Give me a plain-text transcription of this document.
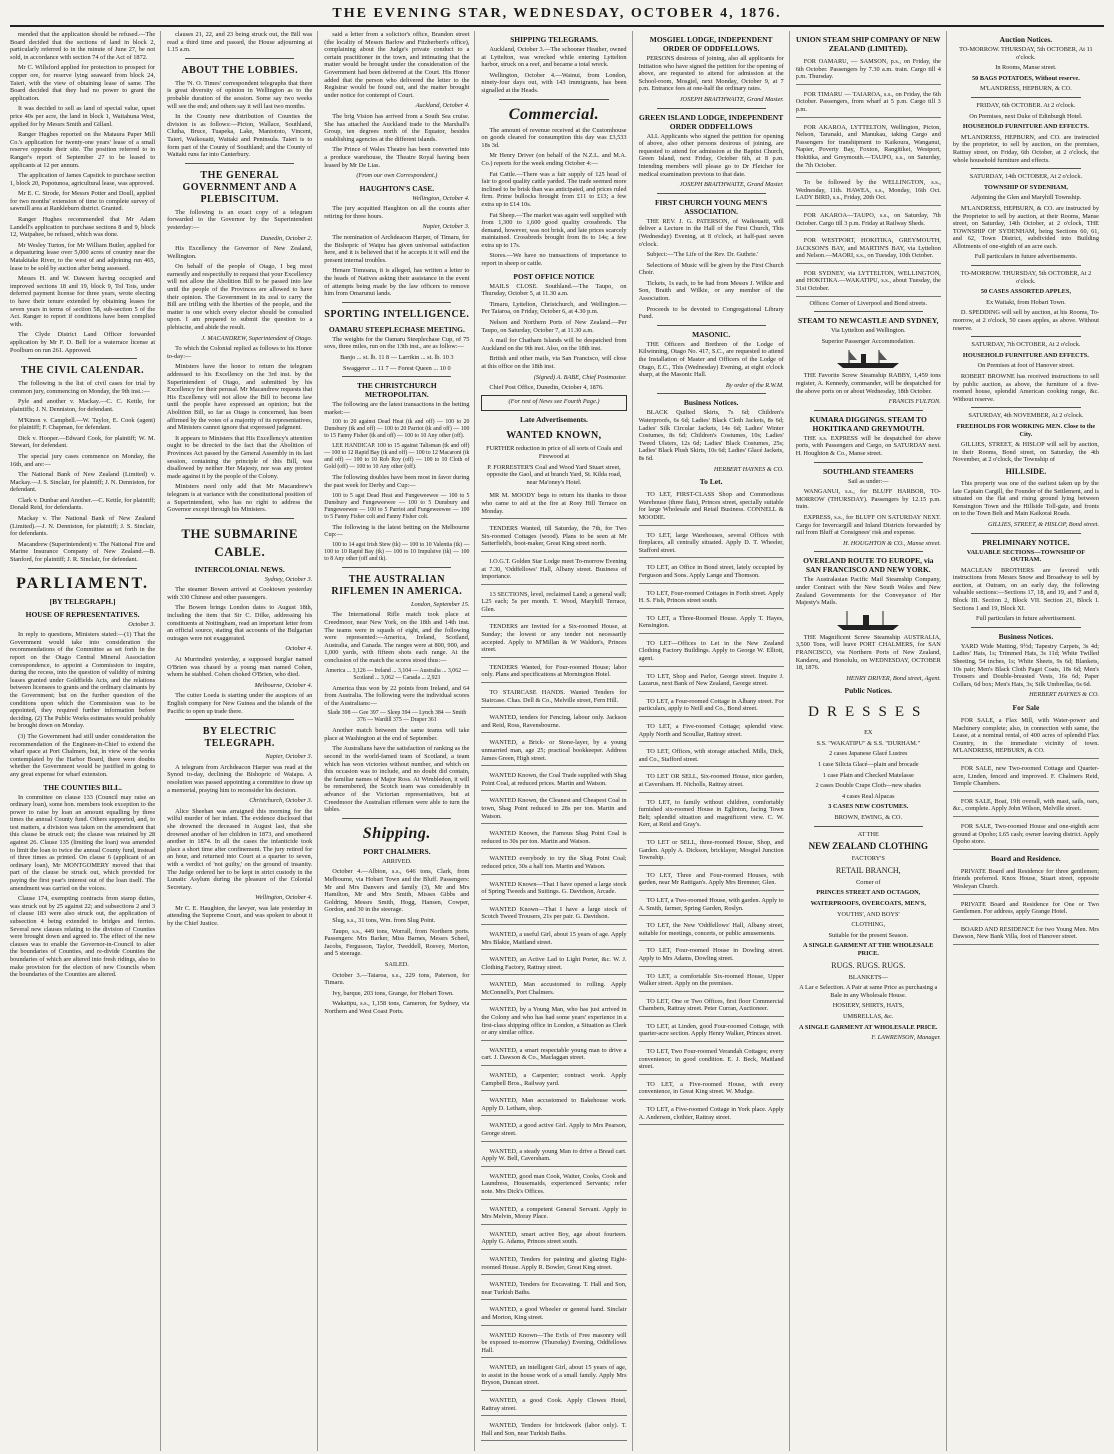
THE EVENING STAR, WEDNESDAY, OCTOBER 4, 1876.

mended that the application should be refused.—The Board decided that the sections of land in block 2, particularly referred to in the minute of June 27, be not sold, in accordance with section 74 of the Act of 1872.

Mr C. Willsford applied for protection to prospect for copper ore, for reserve lying seaward from block 24, Taieri, with the view of obtaining lease of same. The Board decided that they had no power to grant the application.

It was decided to sell as land of special value, upset price 40s per acre, the land in block 1, Waitahuna West, applied for by Messrs Smith and Gillanl.

Ranger Hughes reported on the Mataura Paper Mill Co.'s application for twenty-one years' lease of a small reserve opposite their site. The position referred to in Ranger's report of September 27 to be leased to applicants at 12 per annum.

The application of James Capstick to purchase section 1, block 20, Popotunoa, agricultural lease, was approved.

Mr E. C. Strode, for Messrs Potter and Doull, applied for two months' extension of time to complete survey of sawmill area at Rankleburn district. Granted.

Ranger Hughes recommended that Mr Adam Landell's application to purchase sections 8 and 9, block 12, Waipahee, be refused, which was done.

Mr Wesley Turton, for Mr William Butler, applied for a depasturing lease over 5,000 acres of country near the Matakitake River, to the west of and adjoining run 465, lease to be sold by auction after being assessed.

Messrs H. and W. Dawson having occupied and improved sections 18 and 19, block 9, Tol Tois, under deferred payment license for three years, wrote electing to have their tenure extended by obtaining leases for seven years in terms of section 58, sub-section 5 of the Act. Ranger to report if conditions have been complied with.

The Clyde District Land Officer forwarded application by Mr F. D. Bell for a waterrace license at Poolburn on run 261. Approved.

THE CIVIL CALENDAR.

The following is the list of civil cases for trial by common jury, commencing on Monday, the 9th inst.:—

Pyle and another v. Mackay.—C. C. Kettle, for plaintiffs; J. N. Denniston, for defendant.

M'Kinon v. Campbell.—W. Taylor, E. Cook (agent) for plaintiff; F. Chapman, for defendant.

Dick v. Hooper.—Edward Cook, for plaintiff; W. M. Stewart, for defendant.

The special jury cases commence on Monday, the 16th, and are:—

The National Bank of New Zealand (Limited) v. Mackay.—J. S. Sinclair, for plaintiff; J. N. Denniston, for defendant.

Clark v. Dunbar and Another.—C. Kettle, for plaintiff; Donald Reid, for defendants.

Mackay v. The National Bank of New Zealand (Limited).—J. N. Denniston, for plaintiff; J. S. Sinclair, for defendants.

Macandrew (Superintendent) v. The National Fire and Marine Insurance Company of New Zealand.—B. Stanford, for plaintiff; J. R. Sinclair, for defendant.

PARLIAMENT.
[BY TELEGRAPH.]
HOUSE OF REPRESENTATIVES.

October 3.

In reply to questions, Ministers stated:—(1) That the Government would take into consideration the recommendations of the Committee as set forth in the report on the Otago Central Mineral Association correspondence, to appoint a Commission to inquire, during the recess, into the question of validity of mining leases granted under Goldfields Acts, and the relations between licensees to grants and the ordinary claimants by the Government; but on the further question of the conditions upon which the Commission was to be appointed, they required further information before deciding. (2) The Public Works estimates would probably be brought down on Monday.

(3) The Government had still under consideration the recommendation of the Engineer-in-Chief to extend the wharf space at Port Chalmers, but, in view of the works contemplated by the Harbor Board, there were doubts whether the Government would be justified in going to any great expense for wharf extension.

THE COUNTIES BILL.

In committee on clause 133 (Council may raise an ordinary loan), some hon. members took exception to the power to raise by loan an amount equalling by three times the annual County fund. Others supported, and, to test matters, a division was taken on the amendment that this clause be struck out; the clause was retained by 28 against 26. Clause 135 (limiting the loan) was amended to limit the loan to twice the annual County fund, instead of three times as printed. On clause 6 (applicant of an ordinary loan), Mr MONTGOMERY moved that that part of the clause be struck out, which provided for paying the first year's interest out of the loan itself. The amendment was carried on the voices.

Clause 174, exempting contracts from stamp duties, was struck out by 25 against 22; and subsections 2 and 3 of clause 183 were also struck out, the application of subsection 4 being extended to bridges and ferries. Several new clauses relating to the division of Counties were brought down and agreed to. The effect of the new clauses was to enable the Governor-in-Council to alter the boundaries of Counties, and re-divide Counties the boundaries of which are altered into fresh ridings, also to make provision for the election of new Councils when the boundaries of the Counties are altered.

clauses 21, 22, and 23 being struck out, the Bill was read a third time and passed, the House adjourning at 1.15 a.m.

ABOUT THE LOBBIES.

The 'N. O. Times' correspondent telegraphs that there is great diversity of opinion in Wellington as to the probable duration of the session. Some say two weeks will see the end; and others say it will last two months.

In the County new distribution of Counties the division is as follows:—Picton, Wallace, Southland, Clutha, Bruce, Tuapeka, Lake, Maniototo, Vincent, Taieri, Waikouaiti, Waitaki and Peninsula. Taieri is to form part of the County of Southland; and the County of Waitaki runs far into Canterbury.

THE GENERAL GOVERNMENT AND A PLEBISCITUM.

The following is an exact copy of a telegram forwarded to the Governor by the Superintendent yesterday:—

Dunedin, October 2.

His Excellency the Governor of New Zealand, Wellington.

On behalf of the people of Otago, I beg most earnestly and respectfully to request that your Excellency will not allow the Abolition Bill to be passed into law until the people of the Provinces are allowed to have their opinion. The Government in its zeal to carry the Bill are trifling with the liberties of the people, and the matter is one which every elector should be consulted upon. I am prepared to submit the question to a plebiscite, and abide the result.

J. MACANDREW, Superintendent of Otago.

To which the Colonial replied as follows to his Honor to-day:—

Ministers have the honor to return the telegram addressed to his Excellency on the 3rd inst. by the Superintendent of Otago, and submitted by his Excellency for their perusal. Mr Macandrew requests that His Excellency will not allow the Bill to become law until the people have expressed an opinion; but the Abolition Bill, so far as Otago is concerned, has been affirmed by the votes of a majority of its representatives, and Ministers cannot ignore that expressed judgment.

It appears to Ministers that His Excellency's attention ought to be directed to the fact that the Abolition of Provinces Act passed by the General Assembly in its last session, containing the principle of this Bill, was disallowed by neither Her Majesty, nor was any protest made against it by the people of the Colony.

Ministers need only add that Mr Macandrew's telegram is at variance with the constitutional position of a Superintendent, who has no right to address the Governor except through his Ministers.

THE SUBMARINE CABLE.
INTERCOLONIAL NEWS.

Sydney, October 3.

The steamer Bowen arrived at Cooktown yesterday with 330 Chinese and other passengers.

The Bowen brings London dates to August 18th, including the item that Sir C. Dilke, addressing his constituents at Nottingham, read an important letter from an official source, stating that accounts of the Bulgarian outrages were not exaggerated.

October 4.

At Murrindini yesterday, a supposed burglar named O'Brien was chased by a young man named Cohen, whom he stabbed. Cohen choked O'Brien, who died.

Melbourne, October 4.

The cutter Loeda is starting under the auspices of an English company for New Guinea and the islands of the Pacific to open up trade there.

BY ELECTRIC TELEGRAPH.

Napier, October 3.

A telegram from Archdeacon Harper was read at the Synod to-day, declining the Bishopric of Waiapu. A resolution was passed appointing a committee to draw up a memorial, praying him to reconsider his decision.

Christchurch, October 3.

Alice Sheehan was arraigned this morning for the wilful murder of her infant. The evidence disclosed that she drowned the deceased in August last, that she drowned another of her children in 1873, and smothered another in 1874. In all the cases the infanticide took place a short time after confinement. The jury retired for an hour, and returned into Court at a quarter to seven, with a verdict of 'not guilty,' on the ground of insanity. The Judge ordered her to be kept in strict custody in the Lunatic Asylum during the pleasure of the Colonial Secretary.

Wellington, October 4.

Mr C. E. Haughton, the lawyer, was late yesterday in attending the Supreme Court, and was spoken to about it by the Chief Justice.

said a letter from a solicitor's office, Brandon street (the locality of Messrs Barlow and Fitzherbert's office), complaining about the Judge's private conduct to a certain practitioner in the town, and intimating that the matter would be brought under the consideration of the Government had been delivered at the Court. His Honor added that the person who delivered the letter to the Registrar would be found out, and the matter brought under notice for contempt of Court.

Auckland, October 4.

The brig Vision has arrived from a South Sea cruise. She has attached the Auckland trade to the Marshall's Group, ten degrees north of the Equator, besides establishing agencies at the different islands.

The Prince of Wales Theatre has been converted into a produce warehouse, the Theatre Royal having been leased by Mr De Lias.

(From our own Correspondent.)

HAUGHTON'S CASE.

Wellington, October 4.

The jury acquitted Haughton on all the counts after retiring for three hours.

Napier, October 3.

The nomination of Archdeacon Harper, of Timaru, for the Bishopric of Waipu has given universal satisfaction here, and it is believed that if he accepts it it will end the present internal troubles.

Henare Tomoana, it is alleged, has written a letter to the heads of Natives asking their assistance in the event of attempts being made by the law officers to remove him from Omarunui lands.

SPORTING INTELLIGENCE.
OAMARU STEEPLECHASE MEETING.

The weights for the Oamaru Steeplechase Cup, of 75 sovs, three miles, run on the 13th inst., are as follow:—

Banjo ... st. lb. 11 8 — Larrikin ... st. lb. 10 3

Swaggerer ... 11 7 — Forest Queen ... 10 0

THE CHRISTCHURCH METROPOLITAN.

The following are the latest transactions in the betting market:—

100 to 20 against Dead Heat (tk and off) — 100 to 20 Dunsbury (tk and off) — 100 to 20 Parriot (tk and off) — 100 to 15 Fanny Fisher (tk and off) — 100 to 10 Any other (off).

LEE HANDICAP. 100 to 15 against Talisman (tk and off) — 100 to 12 Rapid Bay (tk and off) — 100 to 12 Macaroni (tk and off) — 100 to 10 Rob Roy (off) — 100 to 10 Cloth of Gold (off) — 100 to 10 Any other (off).

The following doubles have been most in favor during the past week for Derby and Cup:—

100 to 5 agst Dead Heat and Fungeweewee — 100 to 5 Dunsbury and Fungeweewee — 100 to 5 Dunsbury and Fungeweewee — 100 to 5 Parriot and Fungeweewee — 100 to 5 Fanny Fisher colt and Fanny Fisher colt.

The following is the latest betting on the Melbourne Cup:—

100 to 14 agst Irish Stew (tk) — 100 to 10 Valentia (tk) — 100 to 10 Rapid Bay (tk) — 100 to 10 Impulsive (tk) — 100 to 8 Any other (off and tk).

THE AUSTRALIAN RIFLEMEN IN AMERICA.

London, September 15.

The International Rifle match took place at Creedmoor, near New York, on the 18th and 14th inst. The teams were in squads of eight, and the following were represented:—America, Ireland, Scotland, Australia, and Canada. The ranges were at 800, 900, and 1,000 yards, with fifteen shots each range. At the conclusion of the match the scores stood thus:—

America ... 3,126 — Ireland ... 3,104 — Australia ... 3,062 — Scotland ... 3,062 — Canada ... 2,923

America thus won by 22 points from Ireland, and 64 from Australia. The following were the individual scores of the Australians:—

Slade 398 — Gee 397 — Sleep 394 — Lynch 384 — Smith 376 — Wardill 375 — Draper 361

Another match between the same teams will take place at Washington at the end of September.

The Australians have the satisfaction of ranking as the second in the world-famed team of Scotland, a team which has won victories without number, and which on this occasion was to include, and no doubt did contain, the familiar names of Major Ross. At Wimbledon, it will be remembered, the Scotch team was considerably in advance of the Victorian representatives, but at Creedmoor the Australian riflemen were able to turn the tables.

Shipping.
PORT CHALMERS.

ARRIVED.

October 4.—Albion, s.s., 646 tons, Clark, from Melbourne, via Hobart Town and the Bluff. Passengers: Mr and Mrs Danvers and family (3), Mr and Mrs Hamilton, Mr and Mrs Smith, Misses Gibbs and Goldring, Messrs Smith, Hogg, Hansen, Cowper, Gordon, and 30 in the steerage.

Slug, s.s., 31 tons, Wm. from Slug Point.

Taupo, s.s., 449 tons, Worrall, from Northern ports. Passengers: Mrs Barker, Miss Barnes, Messrs Scheel, Jacobs, Fergusson, Taylor, Tweddell, Rosvey, Morton, and 5 steerage.

SAILED.

October 3.—Taiaroa, s.s., 229 tons, Paterson, for Timaru.

Ivy, barque, 203 tons, Grange, for Hobart Town.

Wakatipu, s.s., 1,158 tons, Cameron, for Sydney, via Northern and West Coast Ports.

SHIPPING TELEGRAMS.

Auckland, October 3.—The schooner Heather, owned at Lyttelton, was wrecked while entering Lyttelton harbor, struck on a reef, and became a total wreck.

Wellington, October 4.—Wainui, from London, ninety-four days out, with 143 immigrants, has been signalled at the Heads.

Commercial.

The amount of revenue received at the Customhouse on goods cleared for consumption this day was £3,533 18s 3d.

Mr Henry Driver (on behalf of the N.Z.L. and M.A. Co.) reports for the week ending October 4:—

Fat Cattle.—There was a fair supply of 125 head of fair to good quality cattle yarded. The trade seemed more inclined to be brisk than was anticipated, and prices ruled firm. Prime bullocks brought from £11 to £13; a few extra up to £14 10s.

Fat Sheep.—The market was again well supplied with from 1,300 to 1,600 good quality crossbreds. The demand, however, was not brisk, and late prices scarcely maintained. Crossbreds brought from 8s to 14s; a few extra up to 17s.

Stores.—We have no transactions of importance to report in sheep or cattle.

POST OFFICE NOTICE

MAILS CLOSE. Southland.—The Taupo, on Thursday, October 5, at 11.30 a.m.

Timaru, Lyttelton, Christchurch, and Wellington.—Per Taiaroa, on Friday, October 6, at 4.30 p.m.

Nelson and Northern Ports of New Zealand.—Per Taupo, on Saturday, October 7, at 11.30 a.m.

A mail for Chatham Islands will be despatched from Auckland on the 9th inst. Also, on the 18th inst.

British and other mails, via San Francisco, will close at this office on the 18th inst.

(Signed) A. BABE, Chief Postmaster.

Chief Post Office, Dunedin, October 4, 1876.

(For rest of News see Fourth Page.)

Late Advertisements.
WANTED KNOWN,

FURTHER reduction in price of all sorts of Coals and Firewood at

P. FORRESTER'S Coal and Wood Yard Stuart street, opposite the Gaol, and at branch Yard, St. Kilda road, near Ma'oney's Hotel.

MR M. MOODY begs to return his thanks to those who came to aid at the fire at Rosy Hill Terrace on Monday.

TENDERS Wanted, till Saturday, the 7th, for Two Six-roomed Cottages (wood). Plans to be seen at Mr Satterfield's, boot-maker, Great King street north.

I.O.G.T. Golden Star Lodge meet To-morrow Evening at 7.30, 'Oddfellows' Hall, Albany street. Business of importance.

13 SECTIONS, level, reclaimed Land; a general wall; L25 each; 5s per month. T. Wood, Maryhill Terrace, Glen.

TENDERS are Invited for a Six-roomed House, at Sunday; the lowest or any tender not necessarily accepted. Apply to M'Millan & W Waldon's, Princes street.

TENDERS Wanted, for Four-roomed House; labor only. Plans and specifications at Mornington Hotel.

TO STAIRCASE HANDS. Wanted Tenders for Staircase. Chas. Dell & Co., Melville street, Fern Hill.

WANTED, tenders for Fencing, labour only. Jackson and Reid, Ross, Ravensbourne.

WANTED, a Brick- or Stone-layer, by a young unmarried man, age 25; practical bookkeeper. Address James Green, High street.

WANTED Known, the Coal Trade supplied with Shag Point Coal, at reduced prices. Martin and Watson.

WANTED Known, the Cleanest and Cheapest Coal in town, Shag Point reduced to 28s per ton. Martin and Watson.

WANTED Known, the Famous Shag Point Coal is reduced to 30s per ton. Martin and Watson.

WANTED everybody to try the Shag Point Coal; reduced price, 30s a half ton. Martin and Watson.

WANTED Known—That I have opened a large stock of Spring Tweeds and Suitings. G. Davidson, Arcade.

WANTED Known—That I have a large stock of Scotch Tweed Trousers, 21s per pair. G. Davidson.

WANTED, a useful Girl, about 15 years of age. Apply Mrs Blakie, Maitland street.

WANTED, an Active Lad to Light Porter, &c. W. J. Clothing Factory, Rattray street.

WANTED, Man accustomed to rolling. Apply McConnell's, Port Chalmers.

WANTED, by a Young Man, who has just arrived in the Colony and who has had some years' experience in a first-class shipping office in London, a Situation as Clerk or any similar office.

WANTED, a smart respectable young man to drive a cart. J. Dawson & Co., Maclaggan street.

WANTED, a Carpenter; contract work. Apply Campbell Bros., Railway yard.

WANTED, Man accustomed to Bakehouse work. Apply D. Letham, shop.

WANTED, a good active Girl. Apply to Mrs Pearson, George street.

WANTED, a steady young Man to drive a Bread cart. Apply W. Bell, Caversham.

WANTED, good man Cook, Waiter, Cooks, Cook and Laundress, Housemaids, experienced Servants; refer note. Mrs Dick's Offices.

WANTED, a competent General Servant. Apply to Mrs Melvin, Moray Place.

WANTED, smart active Boy, age about fourteen. Apply G. Adams, Princes street south.

WANTED, Tenders for painting and glazing Eight-roomed House. Apply R. Bowler, Great King street.

WANTED, Tenders for Excavating. T. Hall and Son, near Turkish Baths.

WANTED, a good Wheeler or general hand. Sinclair and Morton, King street.

WANTED Known—The Evils of Free masonry will be exposed to-morrow (Thursday) Evening, Oddfellows Hall.

WANTED, an intelligent Girl, about 15 years of age, to assist in the house work of a small family. Apply Mrs Bryson, Duncan street.

WANTED, a good Cook. Apply Clowes Hotel, Rattray street.

WANTED, Tenders for brickwork (labor only). T. Hall and Son, near Turkish Baths.

MOSGIEL LODGE, INDEPENDENT ORDER OF ODDFELLOWS.

PERSONS desirous of joining, also all applicants for Initiation who have signed the petition for the opening of above, are requested to attend for admission at the School-room, Mosgiel, next Monday, October 9, at 7 p.m. Entrance fees at one-half the ordinary rates.

JOSEPH BRAITHWAITE, Grand Master.

GREEN ISLAND LODGE, INDEPENDENT ORDER ODDFELLOWS

ALL Applicants who signed the petition for opening of above, also other persons desirous of joining, are requested to attend for admission at the Baptist Church, Green Island, next Friday, October 6th, at 8 p.m. Intending members will please go to Dr Fletcher for medical examination previous to that date.

JOSEPH BRAITHWAITE, Grand Master.

FIRST CHURCH YOUNG MEN'S ASSOCIATION.

THE REV. J. G. PATERSON, of Waikouaiti, will deliver a Lecture in the Hall of the First Church, This (Wednesday) Evening, at 8 o'clock, at half-past seven o'clock.

Subject:—'The Life of the Rev. Dr. Guthrie.'

Selections of Music will be given by the First Church Choir.

Tickets, 1s each, to be had from Messrs J. Wilkie and Son, Braith and Wilkie, or any member of the Association.

Proceeds to be devoted to Congregational Library Fund.

MASONIC.

THE Officers and Brethren of the Lodge of Kilwinning, Otago No. 417, S.C., are requested to attend the Installation of Master and Officers of the Lodge of Otago, E.C., This (Wednesday) Evening, at eight o'clock sharp, at the Masonic Hall.

By order of the R.W.M.

Business Notices.

BLACK Quilted Skirts, 7s 6d; Children's Waterproofs, 6s 6d; Ladies' Black Cloth Jackets, 8s 6d; Ladies' Silk Circular Jackets, 14s 6d; Ladies' Winter Costumes, 8s 6d; Children's Costumes, 10s; Ladies' Tweed Ulsters, 12s 6d; Ladies' Black Costumes, 25s; Ladies' Black Plush Skirts, 10s 6d; Ladies' Glacé Jackets, 8s 6d.

HERBERT HAYNES & CO.

To Let.

TO LET, FIRST-CLASS Shop and Commodious Warehouse (three flats), Princes street, specially suitable for large Wholesale and Retail Business. CONNELL & MOODIE.

TO LET, large Warehouses, several Offices with fireplaces, all centrally situated. Apply D. T. Wheeler, Stafford street.

TO LET, an Office in Bond street, lately occupied by Ferguson and Sons. Apply Lange and Thomson.

TO LET, Four-roomed Cottages in Forth street. Apply H. S. Fish, Princes street south.

TO LET, a Three-Roomed House. Apply T. Hayes, Kensington.

TO LET—Offices to Let in the New Zealand Clothing Factory Buildings. Apply to George W. Elliott, agent.

TO LET, Shop and Parlor, George street. Inquire J. Lazarus, next Bank of New Zealand, George street.

TO LET, a Four-roomed Cottage in Albany street. For particulars, apply to Neill and Co., Bond street.

TO LET, a Five-roomed Cottage; splendid view. Apply North and Scoullar, Rattray street.

TO LET, Offices, with storage attached. Mills, Dick, and Co., Stafford street.

TO LET OR SELL, Six-roomed House, nice garden, at Caversham. H. Nicholls, Rattray street.

TO LET, to family without children, comfortably furnished six-roomed House in Eglinton, facing Town Belt; splendid situation and magnificent view. C. W. Kerr, at Reid and Gray's.

TO LET or SELL, three-roomed House, Shop, and Garden. Apply A. Dickson, bricklayer, Mosgiel Junction Township.

TO LET, Three and Four-roomed Houses, with garden, near Mr Rattigan's. Apply Mrs Bremner, Glen.

TO LET, a Two-roomed House, with garden. Apply to A. Smith, farmer, Spring Garden, Roslyn.

TO LET, the New 'Oddfellows' Hall, Albany street, suitable for meetings, concerts, or public amusements.

TO LET, Four-roomed House in Dowling street. Apply to Mrs Adams, Dowling street.

TO LET, a comfortable Six-roomed House, Upper Walker street. Apply on the premises.

TO LET, One or Two Offices, first floor Commercial Chambers, Rattray street. Peter Curran, Auctioneer.

TO LET, at Linden, good Four-roomed Cottage, with quarter-acre section. Apply Henry Walker, Princes street.

TO LET, Two Four-roomed Verandah Cottages; every convenience; in good condition. E. J. Beck, Maitland street.

TO LET, a Five-roomed House, with every convenience, in Great King street. W. Mudge.

TO LET, a Five-roomed Cottage in York place. Apply A. Anderson, clothier, Rattray street.

UNION STEAM SHIP COMPANY OF NEW ZEALAND (LIMITED).

FOR OAMARU, — SAMSON, p.s., on Friday, the 6th October. Passengers by 7.30 a.m. train. Cargo till 4 p.m. Thursday.

FOR TIMARU — TAIAROA, s.s., on Friday, the 6th October. Passengers, from wharf at 5 p.m. Cargo till 3 p.m.

FOR AKAROA, LYTTELTON, Wellington, Picton, Nelson, Taranaki, and Manukau, taking Cargo and Passengers for transhipment to Kaikoura, Wanganui, Napier, Poverty Bay, Foxton, Rangitikei, Westport, Hokitika, and Greymouth.—TAUPO, s.s., on Saturday, the 7th October.

To be followed by the WELLINGTON, s.s., Wednesday, 11th. HAWEA, s.s., Monday, 16th Oct. LADY BIRD, s.s., Friday, 20th Oct.

FOR AKAROA—TAUPO, s.s., on Saturday, 7th October. Cargo till 3 p.m. Friday at Railway Sheds.

FOR WESTPORT, HOKITIKA, GREYMOUTH, JACKSON'S BAY, and MARTIN'S BAY, via Lyttelton and Nelson.—MAORI, s.s., on Tuesday, 10th October.

FOR SYDNEY, via LYTTELTON, WELLINGTON, and HOKITIKA.—WAKATIPU, s.s., about Tuesday, the 31st October.

Offices: Corner of Liverpool and Bond streets.

STEAM TO NEWCASTLE AND SYDNEY,

Via Lyttelton and Wellington.

Superior Passenger Accommodation.

THE Favorite Screw Steamship RABBY, 1,459 tons register, A. Kennedy, commander, will be despatched for the above ports on or about Wednesday, 18th October.

FRANCIS FULTON.

KUMARA DIGGINGS. STEAM TO HOKITIKA AND GREYMOUTH.

THE s.s. EXPRESS will be despatched for above ports, with Passengers and Cargo, on SATURDAY next. H. Houghton & Co., Manse street.

SOUTHLAND STEAMERS

Sail as under:—

WANGANUI, s.s., for BLUFF HARBOR, TO-MORROW (THURSDAY). Passengers by 12.15 p.m. train.

EXPRESS, s.s., for BLUFF ON SATURDAY NEXT. Cargo for Invercargill and Inland Districts forwarded by rail from Bluff at Consignees' risk and expense.

H. HOUGHTON & CO., Manse street.

OVERLAND ROUTE TO EUROPE, via SAN FRANCISCO AND NEW YORK.

The Australasian Pacific Mail Steamship Company, under Contract with the New South Wales and New Zealand Governments for the Conveyance of Her Majesty's Mails.

THE Magnificent Screw Steamship AUSTRALIA, 3,500 Tons, will leave PORT CHALMERS, for SAN FRANCISCO, via Northern Ports of New Zealand, Kandavu, and Honolulu, on WEDNESDAY, OCTOBER 18, 1876.

HENRY DRIVER, Bond street, Agent.

Public Notices.
DRESSES

EX

S.S. "WAKATIPU" & S.S. "DURHAM."

2 cases Japanese Glacé Lustres

1 case Silicia Glacé—plain and brocade

1 case Plain and Checked Matelasse

2 cases Double Crape Cloth—new shades

4 cases Real Alpacas

3 CASES NEW COSTUMES.

BROWN, EWING, & CO.

AT THE

NEW ZEALAND CLOTHING

FACTORY'S

RETAIL BRANCH,

Corner of

PRINCES STREET AND OCTAGON,

WATERPROOFS, OVERCOATS, MEN'S,

YOUTHS', AND BOYS'

CLOTHING,

Suitable for the present Season.

A SINGLE GARMENT AT THE WHOLESALE PRICE.

RUGS. RUGS. RUGS.

BLANKETS—

A Lar e Selection. A Pair at same Price as purchasing a Bale in any Wholesale House.

HOSIERY, SHIRTS, HATS,

UMBRELLAS, &c.

A SINGLE GARMENT AT WHOLESALE PRICE.

F. LAWRENSON, Manager.

Auction Notices.

TO-MORROW. THURSDAY, 5th OCTOBER, At 11 o'clock.

In Rooms, Manse street.

50 BAGS POTATOES, Without reserve.

M'LANDRESS, HEPBURN, & CO.

FRIDAY, 6th OCTOBER. At 2 o'clock.

On Premises, next Duke of Edinburgh Hotel.

HOUSEHOLD FURNITURE AND EFFECTS.

M'LANDRESS, HEPBURN, and CO. are instructed by the proprietor, to sell by auction, on the premises, Rattray street, on Friday, 6th October, at 2 o'clock, the whole household furniture and effects.

SATURDAY, 14th OCTOBER, At 2 o'clock.

TOWNSHIP OF SYDENHAM,

Adjoining the Glen and Maryhill Township.

M'LANDRESS, HEPBURN, & CO. are instructed by the Proprietor to sell by auction, at their Rooms, Manse street, on Saturday, 14th October, at 2 o'clock, THE TOWNSHIP OF SYDENHAM, being Sections 60, 61, and 62, Town District, subdivided into Building Allotments of one-eighth of an acre each.

Full particulars in future advertisements.

TO-MORROW. THURSDAY, 5th OCTOBER, At 2 o'clock.

50 CASES ASSORTED APPLES,

Ex Waitaki, from Hobart Town.

D. SPEDDING will sell by auction, at his Rooms, To-morrow, at 2 o'clock, 50 cases apples, as above. Without reserve.

SATURDAY, 7th OCTOBER, At 2 o'clock.

HOUSEHOLD FURNITURE AND EFFECTS.

On Premises at foot of Hanover street.

ROBERT BROWNE has received instructions to sell by public auction, as above, the furniture of a five-roomed house, splendid American cooking range, &c. Without reserve.

SATURDAY, 4th NOVEMBER, At 2 o'clock.

FREEHOLDS FOR WORKING MEN. Close to the City.

GILLIES, STREET, & HISLOP will sell by auction, in their Rooms, Bond street, on Saturday, the 4th November, at 2 o'clock, the Township of

HILLSIDE.

This property was one of the earliest taken up by the late Captain Cargill, the Founder of the Settlement, and is situated on the flat and rising ground lying between Kensington Town and the Hillside Toll-gate, and fronts on to the Town Belt and Main Kaikorai Roads.

GILLIES, STREET, & HISLOP, Bond street.

PRELIMINARY NOTICE.

VALUABLE SECTIONS—TOWNSHIP OF OUTRAM.

MACLEAN BROTHERS are favored with instructions from Messrs Snow and Broadway to sell by auction, at Outram, on an early day, the following valuable sections:—Sections 17, 18, and 19, and 7 and 8, Block III. Section 2, Block VII. Section 21, Block I. Sections 1 and 19, Block XI.

Full particulars in future advertisement.

Business Notices.

YARD Wide Matting, 9½d; Tapestry Carpets, 3s 4d; Ladies' Hats, 1s; Trimmed Hats, 3s 11d; White Twilled Sheeting, 54 inches, 1s; White Sheets, 9s 6d; Blankets, 10s pair; Men's Black Cloth Paget Coats, 18s 6d; Men's Trousers and Double-breasted Vests, 16s 6d; Paper Collars, 6d box; Men's Hats, 3s; Silk Umbrellas, 6s 6d.

HERBERT HAYNES & CO.

For Sale

FOR SALE, a Flax Mill, with Water-power and Machinery complete; also, in connection with same, the Lease, at a nominal rental, of 400 acres of splendid Flax Country, in the immediate vicinity of town. M'LANDRESS, HEPBURN, & CO.

FOR SALE, new Two-roomed Cottage and Quarter-acre, Linden, fenced and improved. F. Chalmers Reid, Temple Chambers.

FOR SALE, Boat, 19ft overall, with mast, sails, oars, &c., complete. Apply John Wilson, Melville street.

FOR SALE, Two-roomed House and one-eighth acre ground at Opoho; L65 cash; owner leaving district. Apply Opoho store.

Board and Residence.

PRIVATE Board and Residence for three gentlemen; friends preferred. Knox House, Stuart street, opposite Wesleyan Church.

PRIVATE Board and Residence for One or Two Gentlemen. For address, apply Grange Hotel.

BOARD AND RESIDENCE for two Young Men. Mrs Dawson, New Bank Villa, foot of Hanover street.
